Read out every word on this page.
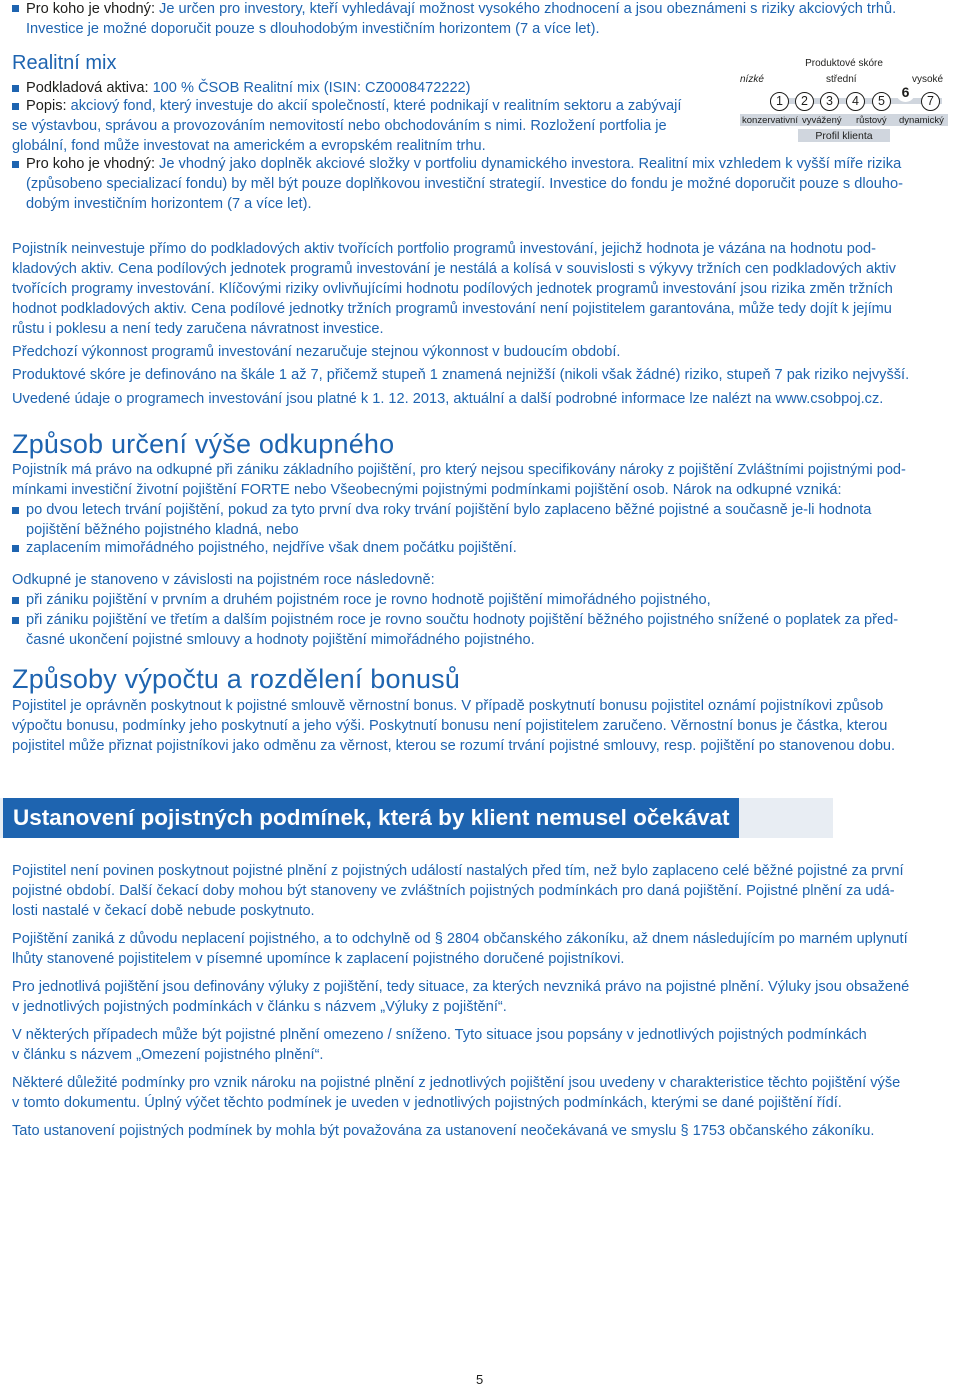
Pro koho je vhodný: Je určen pro investory, kteří vyhledávají možnost vysokého zhodnocení a jsou obeznámeni s riziky akciových trhů.
Investice je možné doporučit pouze s dlouhodobým investičním horizontem (7 a více let).
Realitní mix
Podkladová aktiva: 100 % ČSOB Realitní mix (ISIN: CZ0008472222)
Popis: akciový fond, který investuje do akcií společností, které podnikají v realitním sektoru a zabývají
se výstavbou, správou a provozováním nemovitostí nebo obchodováním s nimi. Rozložení portfolia je
globální, fond může investovat na americkém a evropském realitním trhu.
Pro koho je vhodný: Je vhodný jako doplněk akciové složky v portfoliu dynamického investora. Realitní mix vzhledem k vyšší míře rizika
(způsobeno specializací fondu) by měl být pouze doplňkovou investiční strategií. Investice do fondu je možné doporučit pouze s dlouho-
dobým investičním horizontem (7 a více let).
Produktové skóre
nízké	střední	vysoké
1	2	3	4	5
6
7
konzervativní vyvážený růstový dynamický
Profil klienta
Pojistník neinvestuje přímo do podkladových aktiv tvořících portfolio programů investování, jejichž hodnota je vázána na hodnotu pod-
kladových aktiv. Cena podílových jednotek programů investování je nestálá a kolísá v souvislosti s výkyvy tržních cen podkladových aktiv
tvořících programy investování. Klíčovými riziky ovlivňujícími hodnotu podílových jednotek programů investování jsou rizika změn tržních
hodnot podkladových aktiv. Cena podílové jednotky tržních programů investování není pojistitelem garantována, může tedy dojít k jejímu
růstu i poklesu a není tedy zaručena návratnost investice.
Předchozí výkonnost programů investování nezaručuje stejnou výkonnost v budoucím období.
Produktové skóre je definováno na škále 1 až 7, přičemž stupeň 1 znamená nejnižší (nikoli však žádné) riziko, stupeň 7 pak riziko nejvyšší.
Uvedené údaje o programech investování jsou platné k 1. 12. 2013, aktuální a další podrobné informace lze nalézt na www.csobpoj.cz.
Způsob určení výše odkupného
Pojistník má právo na odkupné při zániku základního pojištění, pro který nejsou specifikovány nároky z pojištění Zvláštními pojistnými pod-
mínkami investiční životní pojištění FORTE nebo Všeobecnými pojistnými podmínkami pojištění osob. Nárok na odkupné vzniká:
po dvou letech trvání pojištění, pokud za tyto první dva roky trvání pojištění bylo zaplaceno běžné pojistné a současně je-li hodnota
pojištění běžného pojistného kladná, nebo
zaplacením mimořádného pojistného, nejdříve však dnem počátku pojištění.
Odkupné je stanoveno v závislosti na pojistném roce následovně:
při zániku pojištění v prvním a druhém pojistném roce je rovno hodnotě pojištění mimořádného pojistného,
při zániku pojištění ve třetím a dalším pojistném roce je rovno součtu hodnoty pojištění běžného pojistného snížené o poplatek za před-
časné ukončení pojistné smlouvy a hodnoty pojištění mimořádného pojistného.
Způsoby výpočtu a rozdělení bonusů
Pojistitel je oprávněn poskytnout k pojistné smlouvě věrnostní bonus. V případě poskytnutí bonusu pojistitel oznámí pojistníkovi způsob
výpočtu bonusu, podmínky jeho poskytnutí a jeho výši. Poskytnutí bonusu není pojistitelem zaručeno. Věrnostní bonus je částka, kterou
pojistitel může přiznat pojistníkovi jako odměnu za věrnost, kterou se rozumí trvání pojistné smlouvy, resp. pojištění po stanovenou dobu.
Ustanovení pojistných podmínek, která by klient nemusel očekávat
Pojistitel není povinen poskytnout pojistné plnění z pojistných událostí nastalých před tím, než bylo zaplaceno celé běžné pojistné za první
pojistné období. Další čekací doby mohou být stanoveny ve zvláštních pojistných podmínkách pro daná pojištění. Pojistné plnění za udá-
losti nastalé v čekací době nebude poskytnuto.
Pojištění zaniká z důvodu neplacení pojistného, a to odchylně od § 2804 občanského zákoníku, až dnem následujícím po marném uplynutí
lhůty stanovené pojistitelem v písemné upomínce k zaplacení pojistného doručené pojistníkovi.
Pro jednotlivá pojištění jsou definovány výluky z pojištění, tedy situace, za kterých nevzniká právo na pojistné plnění. Výluky jsou obsažené
v jednotlivých pojistných podmínkách v článku s názvem „Výluky z pojištění“.
V některých případech může být pojistné plnění omezeno / sníženo. Tyto situace jsou popsány v jednotlivých pojistných podmínkách
v článku s názvem „Omezení pojistného plnění“.
Některé důležité podmínky pro vznik nároku na pojistné plnění z jednotlivých pojištění jsou uvedeny v charakteristice těchto pojištění výše
v tomto dokumentu. Úplný výčet těchto podmínek je uveden v jednotlivých pojistných podmínkách, kterými se dané pojištění řídí.
Tato ustanovení pojistných podmínek by mohla být považována za ustanovení neočekávaná ve smyslu § 1753 občanského zákoníku.
5
